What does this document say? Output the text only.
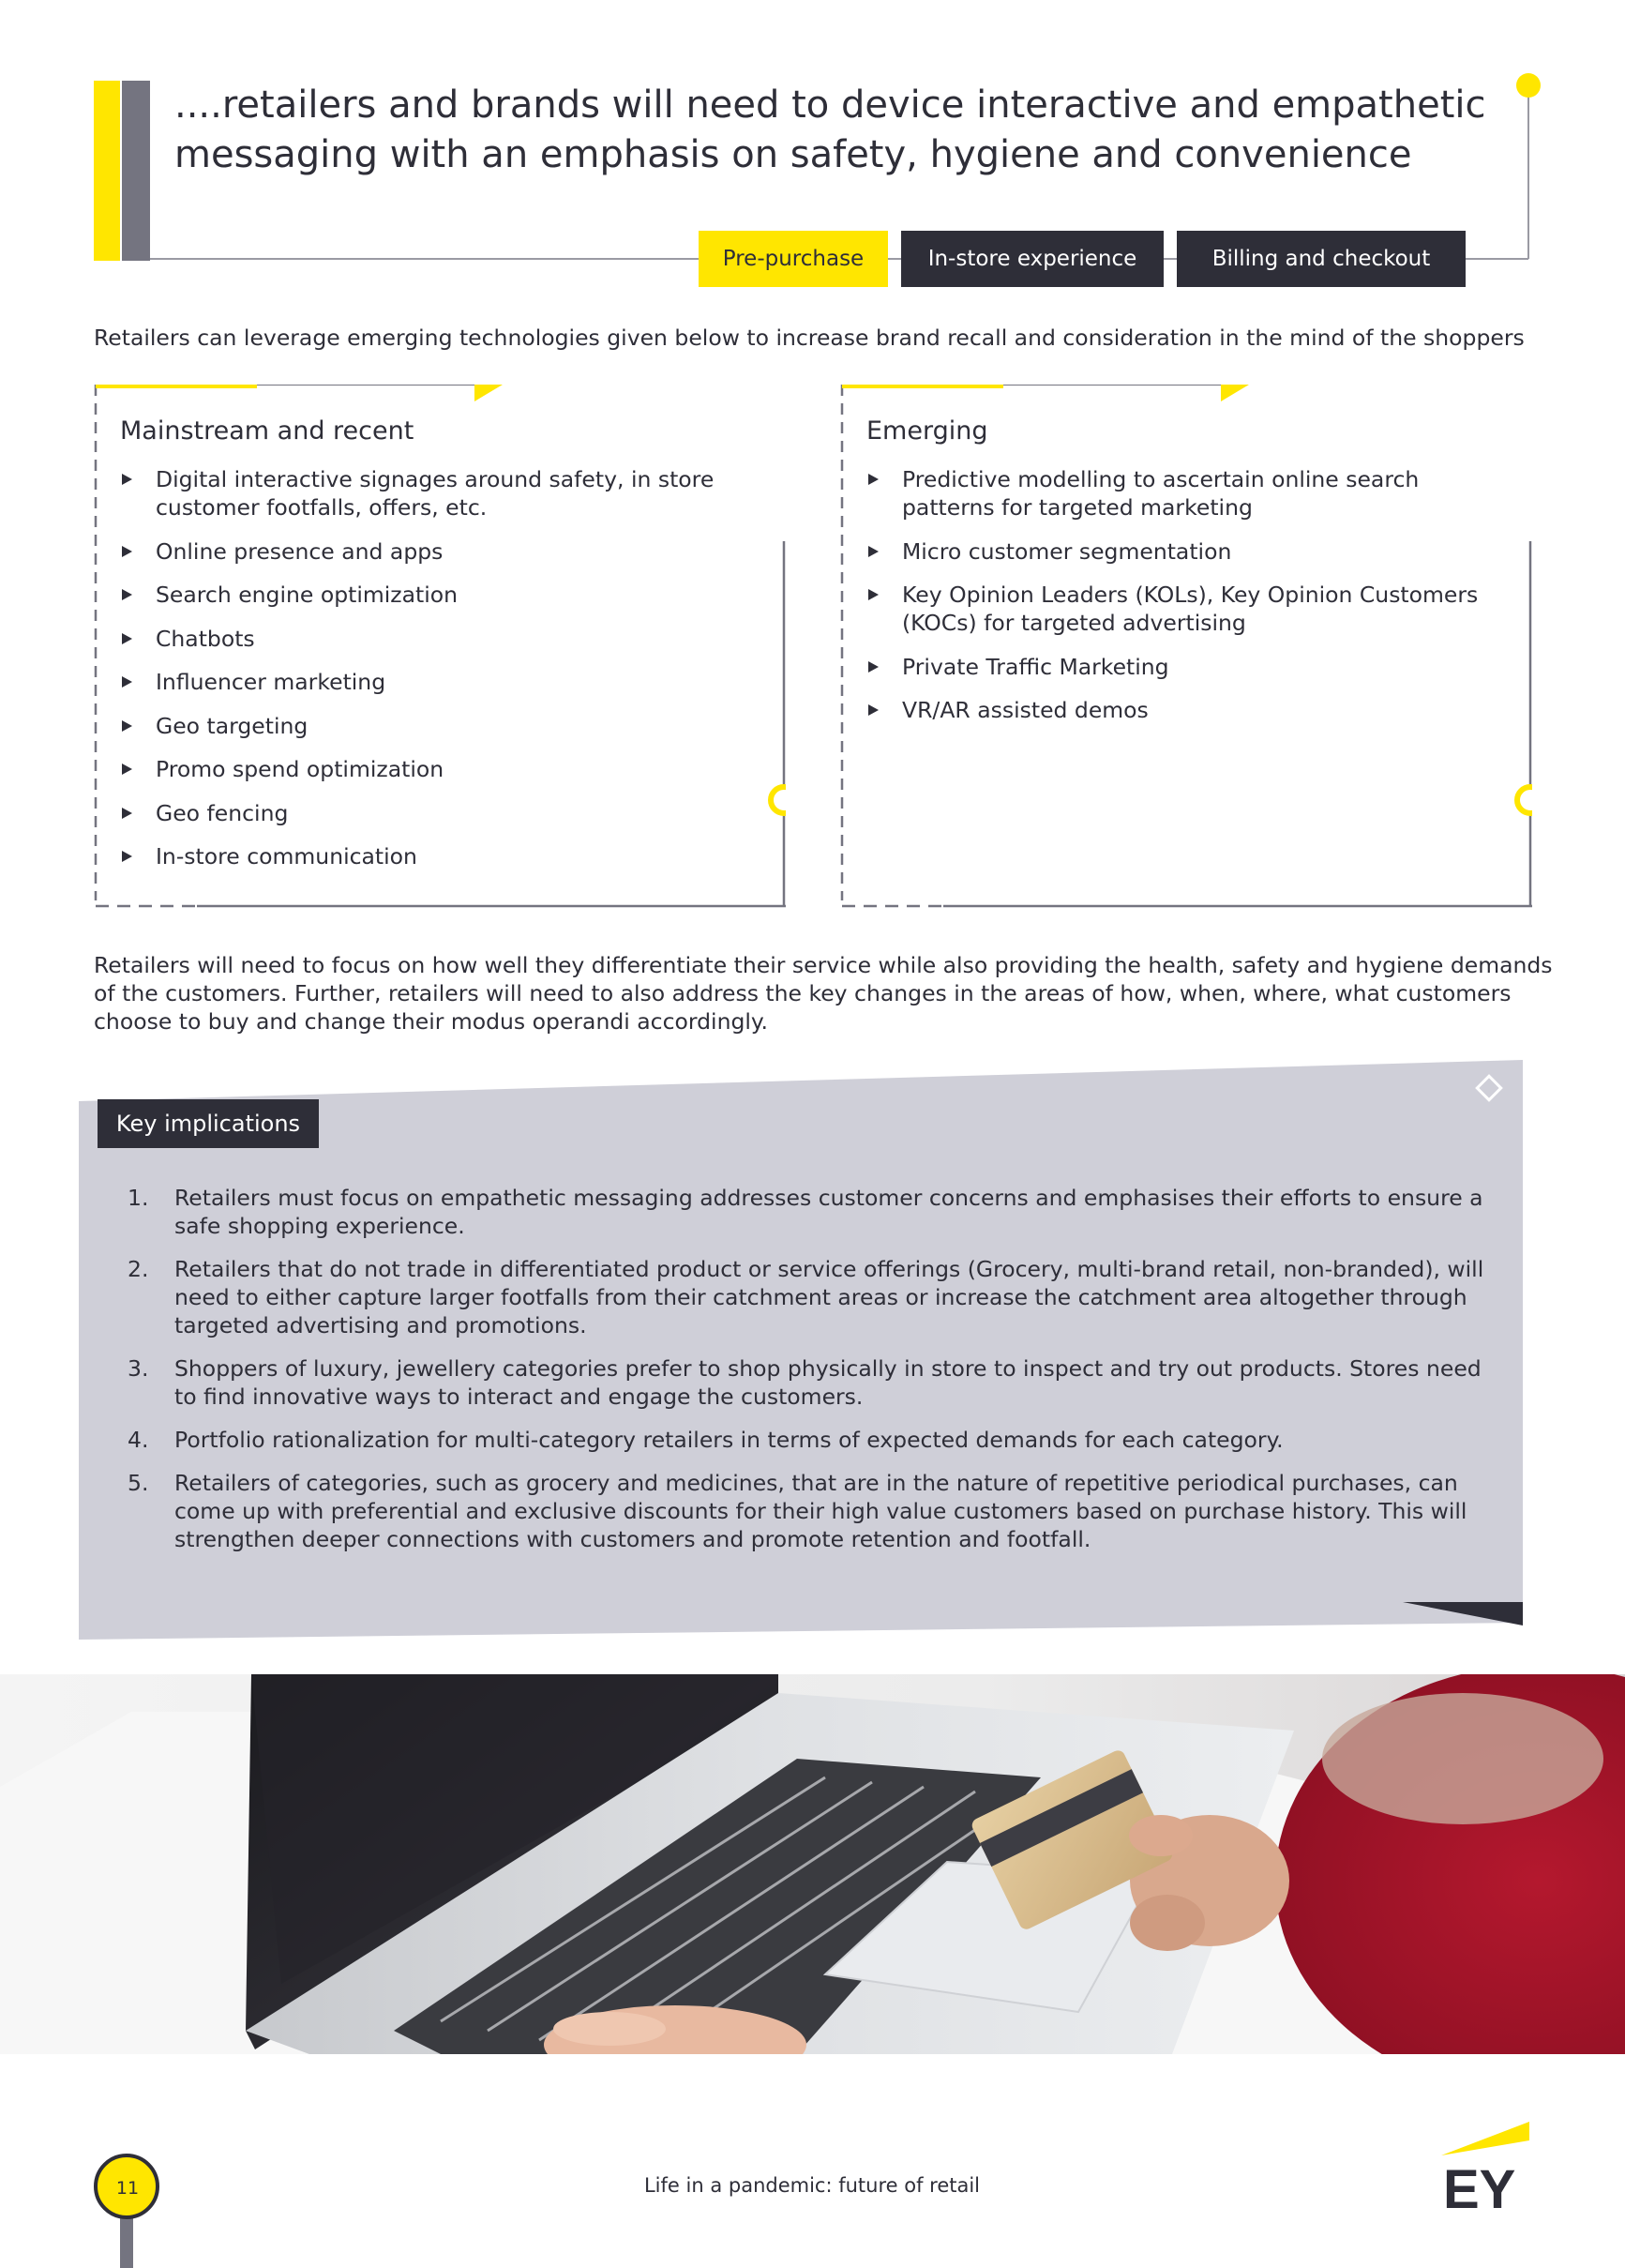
....retailers and brands will need to device interactive and empathetic messaging with an emphasis on safety, hygiene and convenience
Pre-purchase	In-store experience	Billing and checkout
Retailers can leverage emerging technologies given below to increase brand recall and consideration in the mind of the shoppers
Mainstream and recent
Digital interactive signages around safety, in store customer footfalls, offers, etc.
Online presence and apps
Search engine optimization
Chatbots
Influencer marketing
Geo targeting
Promo spend optimization
Geo fencing
In-store communication
Emerging
Predictive modelling to ascertain online search patterns for targeted marketing
Micro customer segmentation
Key Opinion Leaders (KOLs), Key Opinion Customers (KOCs) for targeted advertising
Private Traffic Marketing
VR/AR assisted demos
Retailers will need to focus on how well they differentiate their service while also providing the health, safety and hygiene demands of the customers. Further, retailers will need to also address the key changes in the areas of how, when, where, what customers choose to buy and change their modus operandi accordingly.
Key implications
1. Retailers must focus on empathetic messaging addresses customer concerns and emphasises their efforts to ensure a safe shopping experience.
2. Retailers that do not trade in differentiated product or service offerings (Grocery, multi-brand retail, non-branded), will need to either capture larger footfalls from their catchment areas or increase the catchment area altogether through targeted advertising and promotions.
3. Shoppers of luxury, jewellery categories prefer to shop physically in store to inspect and try out products. Stores need to find innovative ways to interact and engage the customers.
4. Portfolio rationalization for multi-category retailers in terms of expected demands for each category.
5. Retailers of categories, such as grocery and medicines, that are in the nature of repetitive periodical purchases, can come up with preferential and exclusive discounts for their high value customers based on purchase history. This will strengthen deeper connections with customers and promote retention and footfall.
11	Life in a pandemic: future of retail	EY
